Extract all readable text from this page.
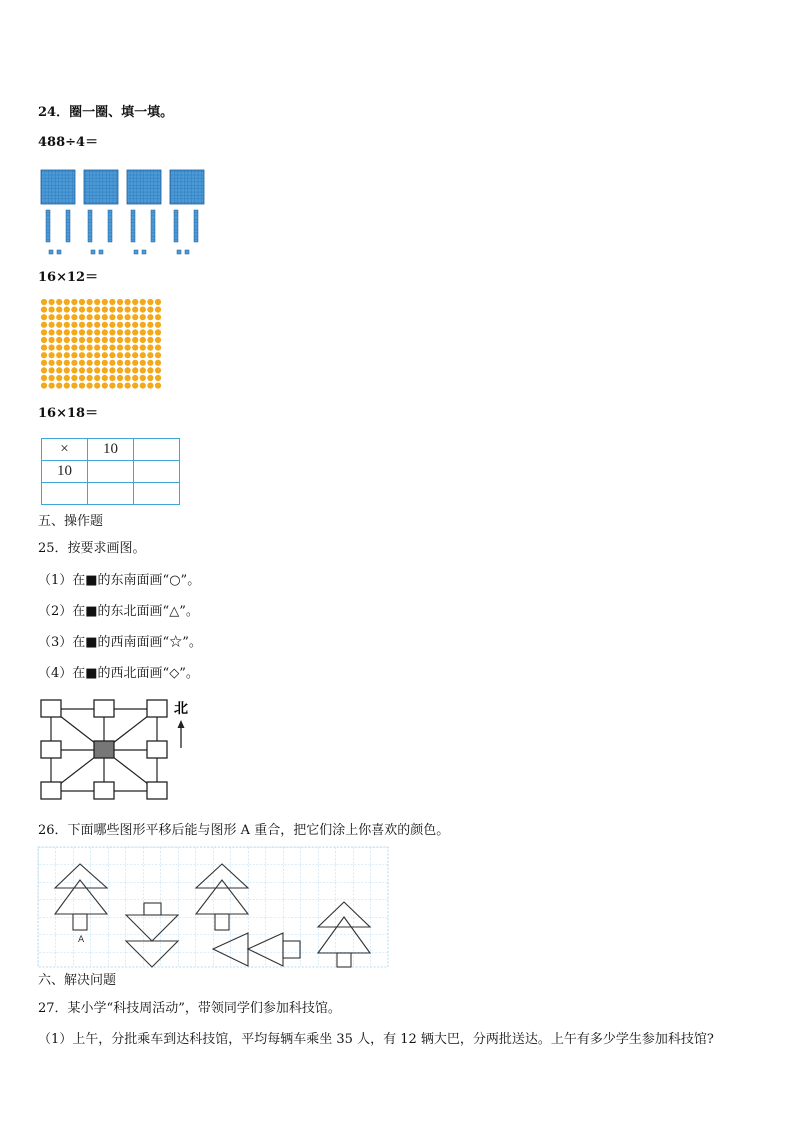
24．圈一圈、填一填。
488÷4＝
16×12＝
16×18＝
×	10	
10		

五、操作题
25．按要求画图。
（1）在■的东南面画“○”。
（2）在■的东北面画“△”。
（3）在■的西南面画“☆”。
（4）在■的西北面画“◇”。
北
26．下面哪些图形平移后能与图形 A 重合，把它们涂上你喜欢的颜色。
A
六、解决问题
27．某小学“科技周活动”，带领同学们参加科技馆。
（1）上午，分批乘车到达科技馆，平均每辆车乘坐 35 人，有 12 辆大巴，分两批送达。上午有多少学生参加科技馆?
